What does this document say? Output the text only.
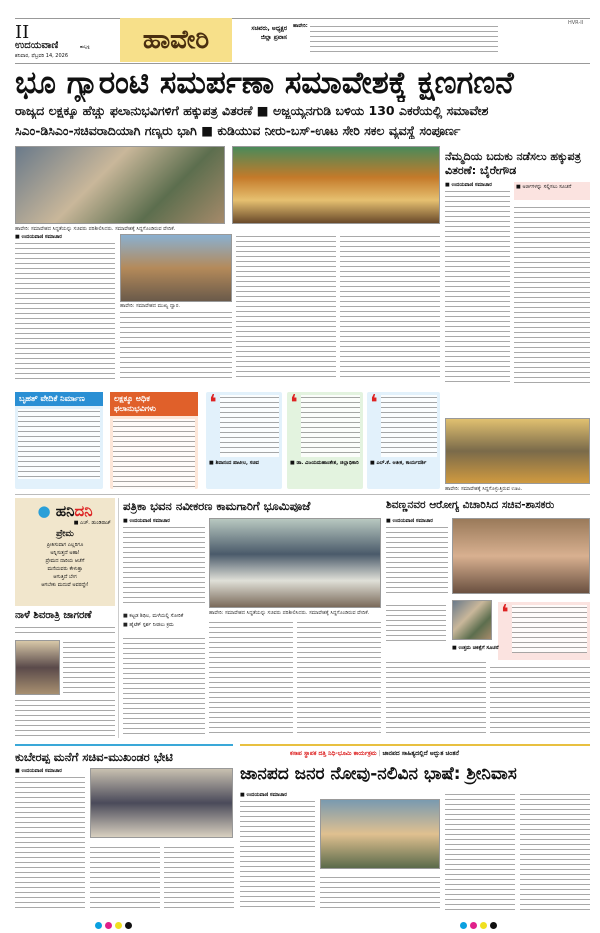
II
ಉದಯವಾಣಿ	ಹುಬ್ಬಳ್ಳಿ
ಶನಿವಾರ, ಫೆಬ್ರವರಿ 14, 2026
ಹಾವೇರಿ	ಸಚಿವರು, ಅಧ್ಯಕ್ಷರ ಜಿಲ್ಲಾ ಪ್ರವಾಸ
ಹಾವೇರಿ:	HVR-II
ಭೂ ಗ್ಯಾರಂಟಿ ಸಮರ್ಪಣಾ ಸಮಾವೇಶಕ್ಕೆ ಕ್ಷಣಗಣನೆ
ರಾಜ್ಯದ ಲಕ್ಷಕ್ಕೂ ಹೆಚ್ಚು ಫಲಾನುಭವಿಗಳಿಗೆ ಹಕ್ಕುಪತ್ರ ವಿತರಣೆ ■ ಅಜ್ಜಯ್ಯನಗುಡಿ ಬಳಿಯ 130 ಎಕರೆಯಲ್ಲಿ ಸಮಾವೇಶ
ಸಿಎಂ-ಡಿಸಿಎಂ-ಸಚಿವರಾದಿಯಾಗಿ ಗಣ್ಯರು ಭಾಗಿ ■ ಕುಡಿಯುವ ನೀರು-ಬಸ್-ಊಟ ಸೇರಿ ಸಕಲ ವ್ಯವಸ್ಥೆ ಸಂಪೂರ್ಣ
ಹಾವೇರಿ: ಸಮಾವೇಶದ ಸಿದ್ಧತೆಯನ್ನು ಸಚಿವರು ಪರಿಶೀಲಿಸಿದರು. ಸಮಾವೇಶಕ್ಕೆ ಸಿದ್ಧಗೊಂಡಿರುವ ವೇದಿಕೆ.
■ ಉದಯವಾಣಿ ಸಮಾಚಾರ
ಹಾವೇರಿ: ಸಮಾವೇಶದ ಮುಖ್ಯ ದ್ವಾರ.
ನೆಮ್ಮದಿಯ ಬದುಕು ನಡೆಸಲು ಹಕ್ಕುಪತ್ರ ವಿತರಣೆ: ಬೈರೇಗೌಡ
■ ಉದಯವಾಣಿ ಸಮಾಚಾರ	■ ಅರ್ಜಿಗಳನ್ನು ಸಲ್ಲಿಸಲು ಸೂಚನೆ
ಹಾವೇರಿ: ಸಮಾವೇಶಕ್ಕೆ ಸಿದ್ಧಗೊಳ್ಳುತ್ತಿರುವ ಊಟ.
ಬೃಹತ್ ವೇದಿಕೆ ನಿರ್ಮಾಣ	ಲಕ್ಷಕ್ಕೂ ಅಧಿಕ ಫಲಾನುಭವಿಗಳು	❛
■ ಶಿವಾನಂದ ಪಾಟೀಲ, ಸಚಿವ
❛
■ ಡಾ. ವಿಜಯಮಹಾಂತೇಶ, ಜಿಲ್ಲಾಧಿಕಾರಿ
❛
■ ಎಲ್.ಕೆ. ಅತೀಕ, ಕಾರ್ಯದರ್ಶಿ
● ಹನಿದನಿ
■ ಎಚ್. ಡುಂಡಿರಾಜ್
ಪ್ರೇಮ
ಪ್ರೀತಿಸುವಾಗ ಎಲ್ಲರಿಗೂ
ಅನ್ನಿಸುತ್ತದೆ ಅಹಾ!
ಪ್ರೇಮದ ದಾರಿಯ ಆಚೆಗೆ
ಮನೆಯವರು ಕೇಳುತ್ತಾ
ಆಗುತ್ತಿದೆ ಬೇಗ
ಆಗಬೇಕು ಮದುವೆ ಅವರದ್ದೇ!
ನಾಳೆ ಶಿವರಾತ್ರಿ ಜಾಗರಣೆ
ಪತ್ರಿಕಾ ಭವನ ನವೀಕರಣ ಕಾಮಗಾರಿಗೆ ಭೂಮಿಪೂಜೆ
■ ಉದಯವಾಣಿ ಸಮಾಚಾರ
ಹಾವೇರಿ: ಸಮಾವೇಶದ ಸಿದ್ಧತೆಯನ್ನು ಸಚಿವರು ಪರಿಶೀಲಿಸಿದರು. ಸಮಾವೇಶಕ್ಕೆ ಸಿದ್ಧಗೊಂಡಿರುವ ವೇದಿಕೆ.
■ ಕಟ್ಟಡ ಶಿಥಿಲ, ಮಳೆಯಲ್ಲಿ ಸೋರಿಕೆ
■ ಹೈಟೆಕ್ ಸ್ಪರ್ಶ ನೀಡಲು ಕ್ರಮ
ಶಿವಣ್ಣನವರ ಆರೋಗ್ಯ ವಿಚಾರಿಸಿದ ಸಚಿವ-ಶಾಸಕರು
■ ಉದಯವಾಣಿ ಸಮಾಚಾರ
❛
■ ಉತ್ತಮ ಚಿಕಿತ್ಸೆಗೆ ಸೂಚನೆ
ಕುಬೇರಪ್ಪ ಮನೆಗೆ ಸಚಿವ-ಮುಖಂಡರ ಭೇಟಿ
■ ಉದಯವಾಣಿ ಸಮಾಚಾರ
ಕಸಾಪ ಸ್ಥಾಪಕ ದತ್ತಿ ನಿಧಿ-ಭೂಮಿ ಕಾರ್ಯಕ್ರಮ | ಜಾನಪದ ಸಾಹಿತ್ಯದಲ್ಲಿದೆ ಅದ್ಭುತ ಚಿಂತನೆ
ಜಾನಪದ ಜನರ ನೋವು-ನಲಿವಿನ ಭಾಷೆ: ಶ್ರೀನಿವಾಸ
■ ಉದಯವಾಣಿ ಸಮಾಚಾರ
